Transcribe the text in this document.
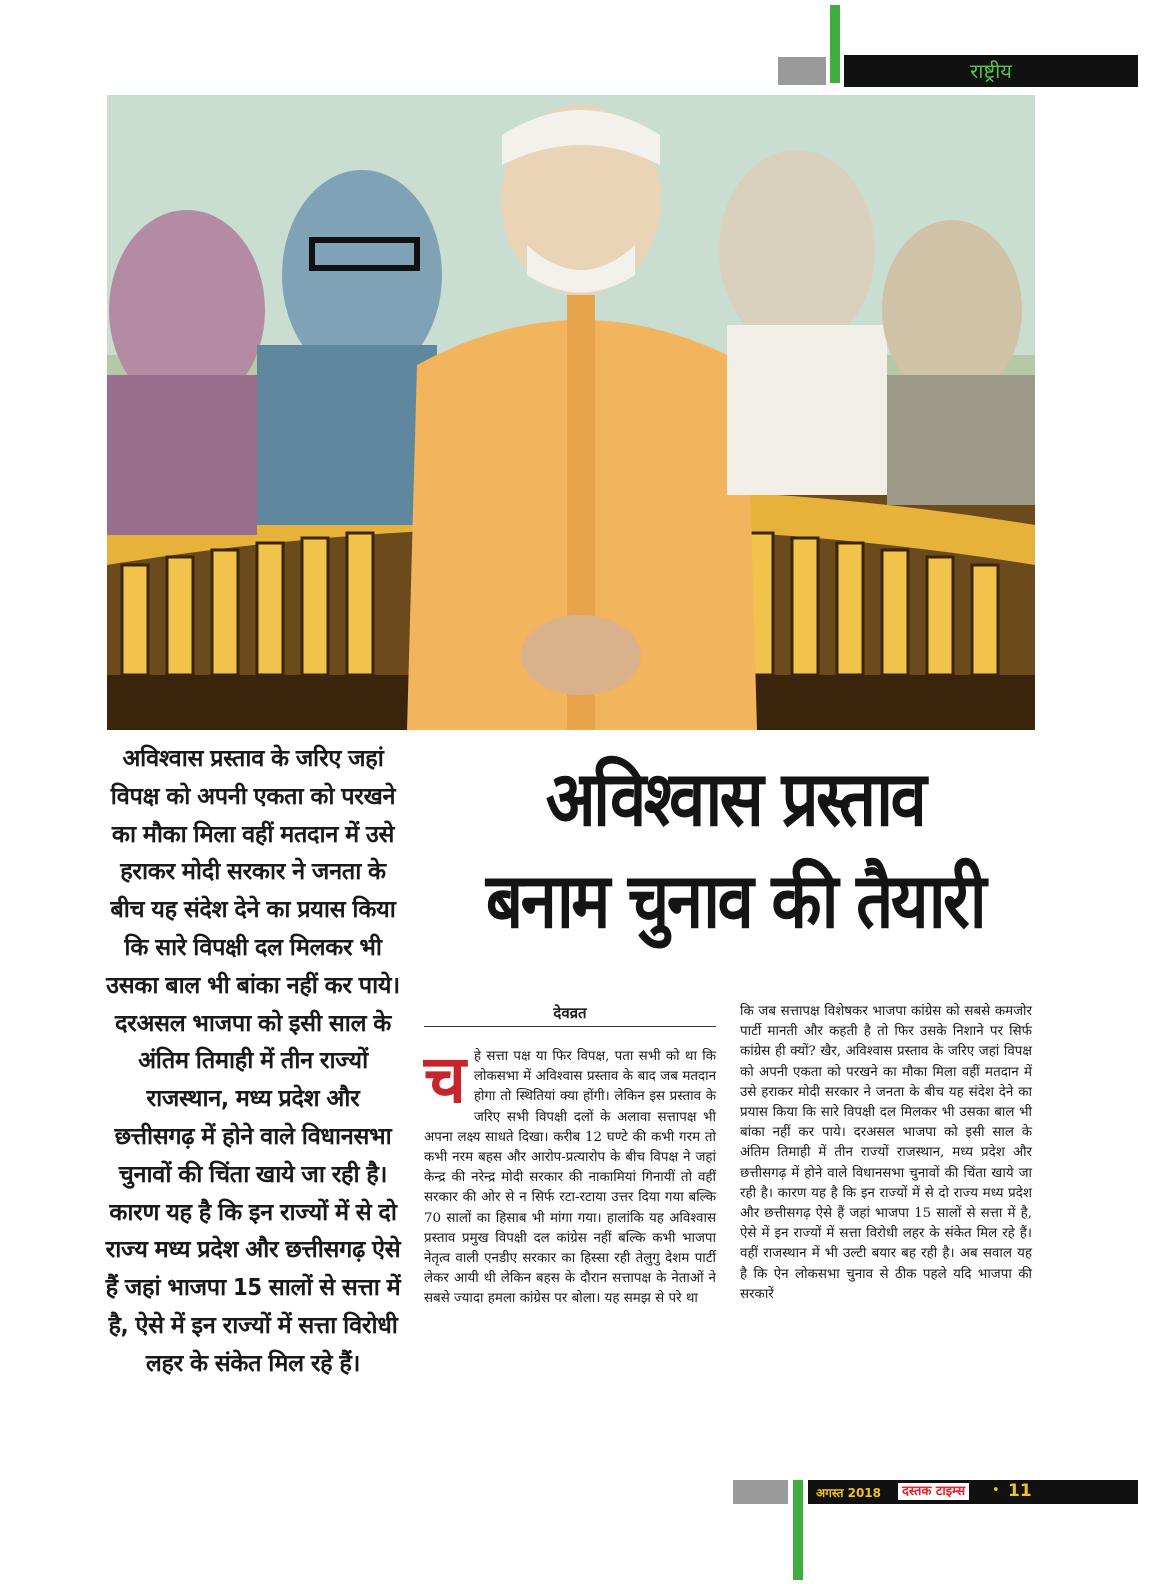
राष्ट्रीय

अविश्वास प्रस्ताव के जरिए जहां विपक्ष को अपनी एकता को परखने का मौका मिला वहीं मतदान में उसे हराकर मोदी सरकार ने जनता के बीच यह संदेश देने का प्रयास किया कि सारे विपक्षी दल मिलकर भी उसका बाल भी बांका नहीं कर पाये। दरअसल भाजपा को इसी साल के अंतिम तिमाही में तीन राज्यों राजस्थान, मध्य प्रदेश और छत्तीसगढ़ में होने वाले विधानसभा चुनावों की चिंता खाये जा रही है। कारण यह है कि इन राज्यों में से दो राज्य मध्य प्रदेश और छत्तीसगढ़ ऐसे हैं जहां भाजपा 15 सालों से सत्ता में है, ऐसे में इन राज्यों में सत्ता विरोधी लहर के संकेत मिल रहे हैं।

अविश्वास प्रस्ताव
बनाम चुनाव की तैयारी
देवव्रत

चहे सत्ता पक्ष या फिर विपक्ष, पता सभी को था कि लोकसभा में अविश्वास प्रस्ताव के बाद जब मतदान होगा तो स्थितियां क्या होंगी। लेकिन इस प्रस्ताव के जरिए सभी विपक्षी दलों के अलावा सत्तापक्ष भी अपना लक्ष्य साधते दिखा। करीब 12 घण्टे की कभी गरम तो कभी नरम बहस और आरोप-प्रत्यारोप के बीच विपक्ष ने जहां केन्द्र की नरेन्द्र मोदी सरकार की नाकामियां गिनायीं तो वहीं सरकार की ओर से न सिर्फ रटा-रटाया उत्तर दिया गया बल्कि 70 सालों का हिसाब भी मांगा गया। हालांकि यह अविश्वास प्रस्ताव प्रमुख विपक्षी दल कांग्रेस नहीं बल्कि कभी भाजपा नेतृत्व वाली एनडीए सरकार का हिस्सा रही तेलुगु देशम पार्टी लेकर आयी थी लेकिन बहस के दौरान सत्तापक्ष के नेताओं ने सबसे ज्यादा हमला कांग्रेस पर बोला। यह समझ से परे था

कि जब सत्तापक्ष विशेषकर भाजपा कांग्रेस को सबसे कमजोर पार्टी मानती और कहती है तो फिर उसके निशाने पर सिर्फ कांग्रेस ही क्यों? खैर, अविश्वास प्रस्ताव के जरिए जहां विपक्ष को अपनी एकता को परखने का मौका मिला वहीं मतदान में उसे हराकर मोदी सरकार ने जनता के बीच यह संदेश देने का प्रयास किया कि सारे विपक्षी दल मिलकर भी उसका बाल भी बांका नहीं कर पाये। दरअसल भाजपा को इसी साल के अंतिम तिमाही में तीन राज्यों राजस्थान, मध्य प्रदेश और छत्तीसगढ़ में होने वाले विधानसभा चुनावों की चिंता खाये जा रही है। कारण यह है कि इन राज्यों में से दो राज्य मध्य प्रदेश और छत्तीसगढ़ ऐसे हैं जहां भाजपा 15 सालों से सत्ता में है, ऐसे में इन राज्यों में सत्ता विरोधी लहर के संकेत मिल रहे हैं। वहीं राजस्थान में भी उल्टी बयार बह रही है। अब सवाल यह है कि ऐन लोकसभा चुनाव से ठीक पहले यदि भाजपा की सरकारें

अगस्त 2018	दस्तक टाइम्स	• 11
